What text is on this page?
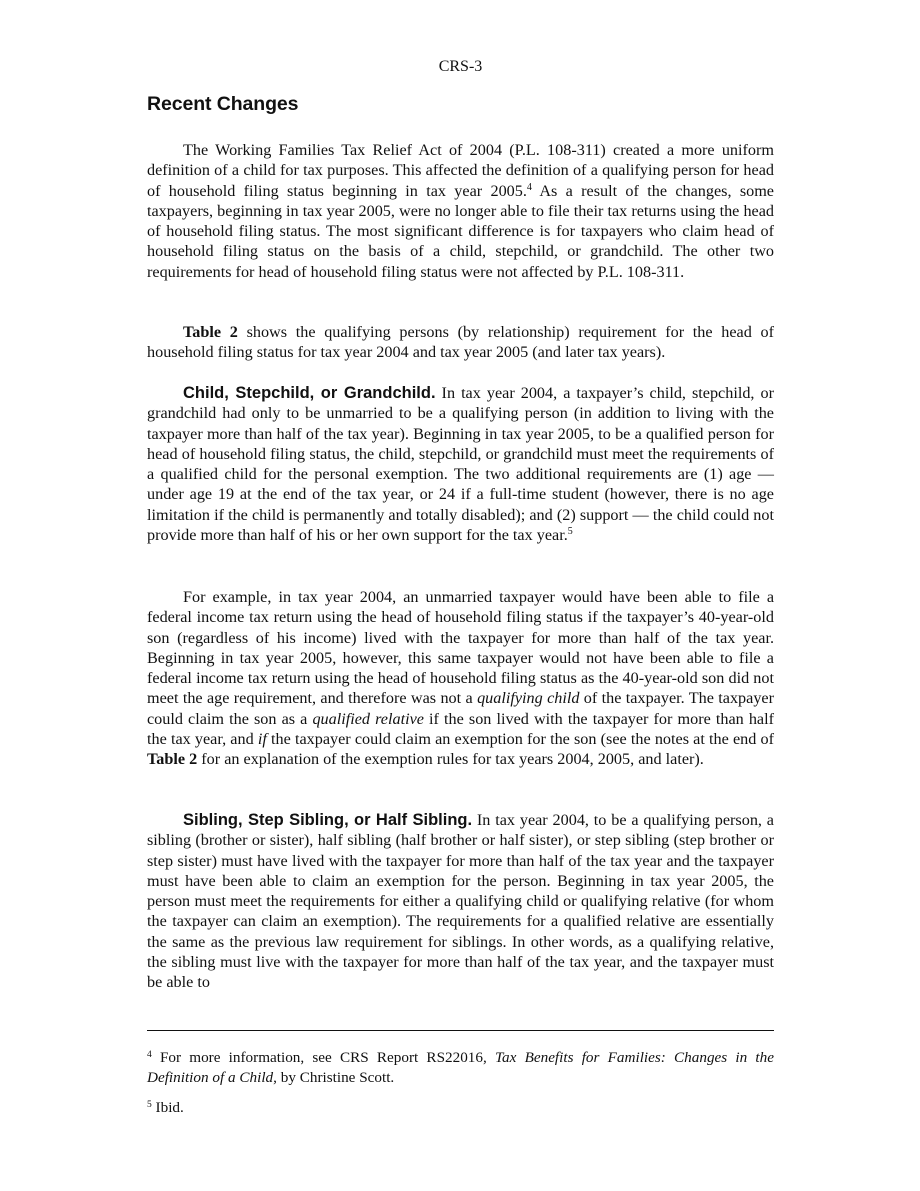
CRS-3
Recent Changes

The Working Families Tax Relief Act of 2004 (P.L. 108-311) created a more uniform definition of a child for tax purposes. This affected the definition of a qualifying person for head of household filing status beginning in tax year 2005.$^4$ As a result of the changes, some taxpayers, beginning in tax year 2005, were no longer able to file their tax returns using the head of household filing status. The most significant difference is for taxpayers who claim head of household filing status on the basis of a child, stepchild, or grandchild. The other two requirements for head of household filing status were not affected by P.L. 108-311.

Table 2 shows the qualifying persons (by relationship) requirement for the head of household filing status for tax year 2004 and tax year 2005 (and later tax years).

Child, Stepchild, or Grandchild. In tax year 2004, a taxpayer’s child, stepchild, or grandchild had only to be unmarried to be a qualifying person (in addition to living with the taxpayer more than half of the tax year). Beginning in tax year 2005, to be a qualified person for head of household filing status, the child, stepchild, or grandchild must meet the requirements of a qualified child for the personal exemption. The two additional requirements are (1) age — under age 19 at the end of the tax year, or 24 if a full-time student (however, there is no age limitation if the child is permanently and totally disabled); and (2) support — the child could not provide more than half of his or her own support for the tax year.$^5$

For example, in tax year 2004, an unmarried taxpayer would have been able to file a federal income tax return using the head of household filing status if the taxpayer’s 40-year-old son (regardless of his income) lived with the taxpayer for more than half of the tax year. Beginning in tax year 2005, however, this same taxpayer would not have been able to file a federal income tax return using the head of household filing status as the 40-year-old son did not meet the age requirement, and therefore was not a qualifying child of the taxpayer. The taxpayer could claim the son as a qualified relative if the son lived with the taxpayer for more than half the tax year, and if the taxpayer could claim an exemption for the son (see the notes at the end of Table 2 for an explanation of the exemption rules for tax years 2004, 2005, and later).

Sibling, Step Sibling, or Half Sibling. In tax year 2004, to be a qualifying person, a sibling (brother or sister), half sibling (half brother or half sister), or step sibling (step brother or step sister) must have lived with the taxpayer for more than half of the tax year and the taxpayer must have been able to claim an exemption for the person. Beginning in tax year 2005, the person must meet the requirements for either a qualifying child or qualifying relative (for whom the taxpayer can claim an exemption). The requirements for a qualified relative are essentially the same as the previous law requirement for siblings. In other words, as a qualifying relative, the sibling must live with the taxpayer for more than half of the tax year, and the taxpayer must be able to

$^4$ For more information, see CRS Report RS22016, Tax Benefits for Families: Changes in the Definition of a Child, by Christine Scott.

$^5$ Ibid.
